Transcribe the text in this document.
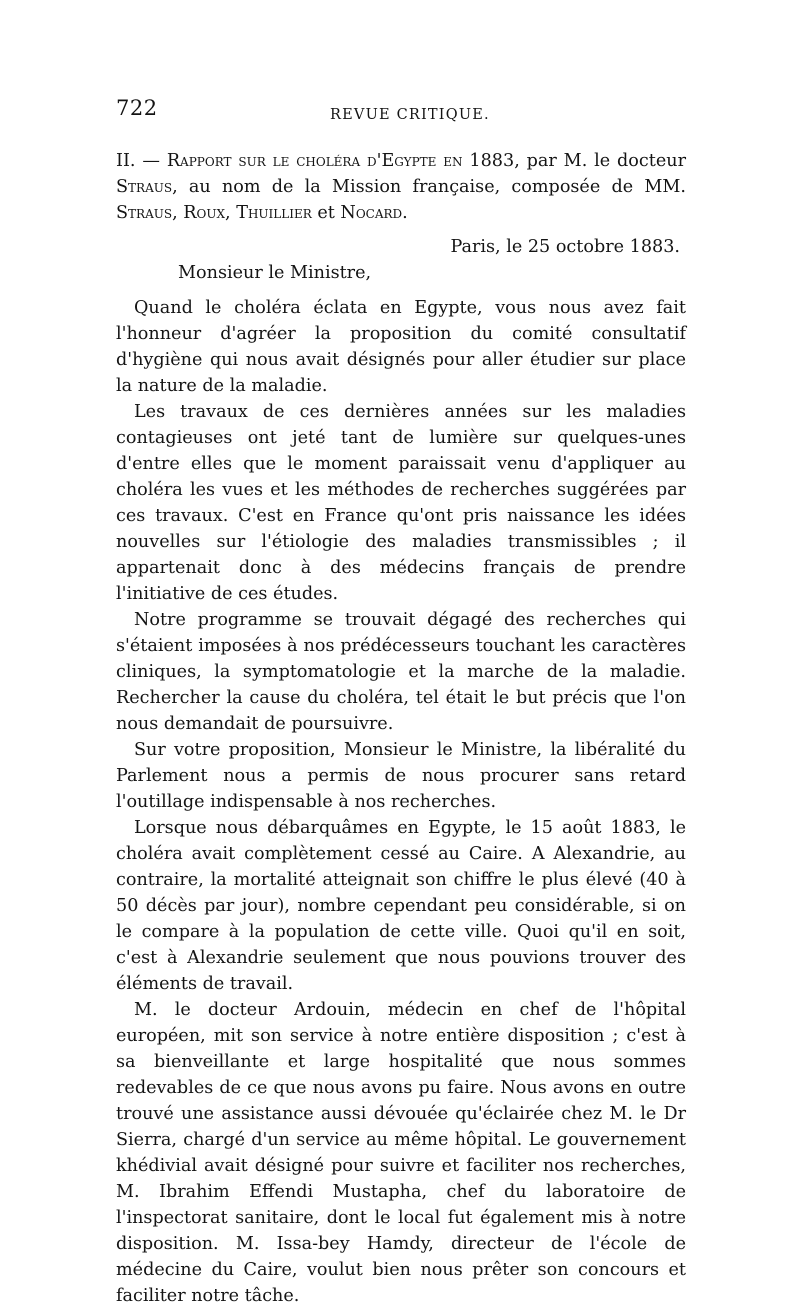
722	REVUE CRITIQUE.

II. — Rapport sur le choléra d'Egypte en 1883, par M. le docteur Straus, au nom de la Mission française, composée de MM. Straus, Roux, Thuillier et Nocard.

Paris, le 25 octobre 1883.

Monsieur le Ministre,

Quand le choléra éclata en Egypte, vous nous avez fait l'honneur d'agréer la proposition du comité consultatif d'hygiène qui nous avait désignés pour aller étudier sur place la nature de la maladie.

Les travaux de ces dernières années sur les maladies contagieuses ont jeté tant de lumière sur quelques-unes d'entre elles que le moment paraissait venu d'appliquer au choléra les vues et les méthodes de recherches suggérées par ces travaux. C'est en France qu'ont pris naissance les idées nouvelles sur l'étiologie des maladies transmissibles ; il appartenait donc à des médecins français de prendre l'initiative de ces études.

Notre programme se trouvait dégagé des recherches qui s'étaient imposées à nos prédécesseurs touchant les caractères cliniques, la symptomatologie et la marche de la maladie. Rechercher la cause du choléra, tel était le but précis que l'on nous demandait de poursuivre.

Sur votre proposition, Monsieur le Ministre, la libéralité du Parlement nous a permis de nous procurer sans retard l'outillage indispensable à nos recherches.

Lorsque nous débarquâmes en Egypte, le 15 août 1883, le choléra avait complètement cessé au Caire. A Alexandrie, au contraire, la mortalité atteignait son chiffre le plus élevé (40 à 50 décès par jour), nombre cependant peu considérable, si on le compare à la population de cette ville. Quoi qu'il en soit, c'est à Alexandrie seulement que nous pouvions trouver des éléments de travail.

M. le docteur Ardouin, médecin en chef de l'hôpital européen, mit son service à notre entière disposition ; c'est à sa bienveillante et large hospitalité que nous sommes redevables de ce que nous avons pu faire. Nous avons en outre trouvé une assistance aussi dévouée qu'éclairée chez M. le Dr Sierra, chargé d'un service au même hôpital. Le gouvernement khédivial avait désigné pour suivre et faciliter nos recherches, M. Ibrahim Effendi Mustapha, chef du laboratoire de l'inspectorat sanitaire, dont le local fut également mis à notre disposition. M. Issa-bey Hamdy, directeur de l'école de médecine du Caire, voulut bien nous prêter son concours et faciliter notre tâche.
